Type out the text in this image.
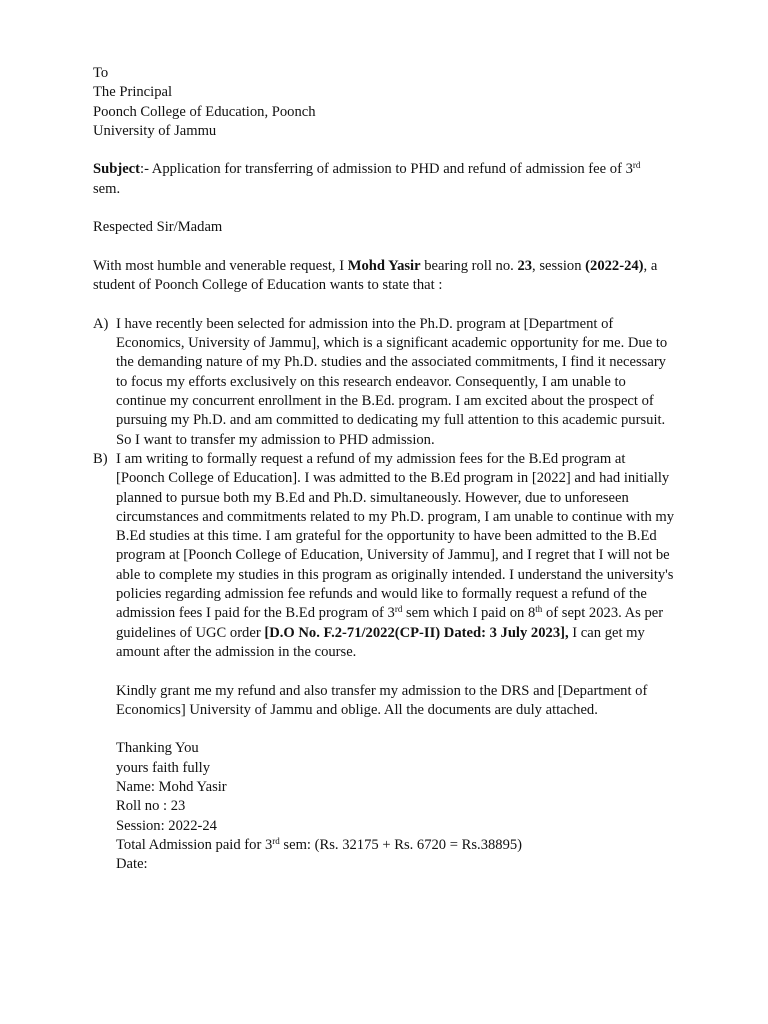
To
The Principal
Poonch College of Education, Poonch
University of Jammu
Subject:- Application for transferring of admission to PHD and refund of admission fee of 3rd
sem.
Respected Sir/Madam
With most humble and venerable request, I Mohd Yasir bearing roll no. 23, session (2022-24), a student of Poonch College of Education wants to state that :
A) I have recently been selected for admission into the Ph.D. program at [Department of Economics, University of Jammu], which is a significant academic opportunity for me. Due to the demanding nature of my Ph.D. studies and the associated commitments, I find it necessary to focus my efforts exclusively on this research endeavor. Consequently, I am unable to continue my concurrent enrollment in the B.Ed. program. I am excited about the prospect of pursuing my Ph.D. and am committed to dedicating my full attention to this academic pursuit. So I want to transfer my admission to PHD admission.
B) I am writing to formally request a refund of my admission fees for the B.Ed program at [Poonch College of Education]. I was admitted to the B.Ed program in [2022] and had initially planned to pursue both my B.Ed and Ph.D. simultaneously. However, due to unforeseen circumstances and commitments related to my Ph.D. program, I am unable to continue with my B.Ed studies at this time. I am grateful for the opportunity to have been admitted to the B.Ed program at [Poonch College of Education, University of Jammu], and I regret that I will not be able to complete my studies in this program as originally intended. I understand the university's policies regarding admission fee refunds and would like to formally request a refund of the admission fees I paid for the B.Ed program of 3rd sem which I paid on 8th of sept 2023. As per guidelines of UGC order [D.O No. F.2-71/2022(CP-II) Dated: 3 July 2023], I can get my amount after the admission in the course.
Kindly grant me my refund and also transfer my admission to the DRS and [Department of Economics] University of Jammu and oblige. All the documents are duly attached.
Thanking You
yours faith fully
Name: Mohd Yasir
Roll no : 23
Session: 2022-24
Total Admission paid for 3rd sem: (Rs. 32175 + Rs. 6720 = Rs.38895)
Date:
